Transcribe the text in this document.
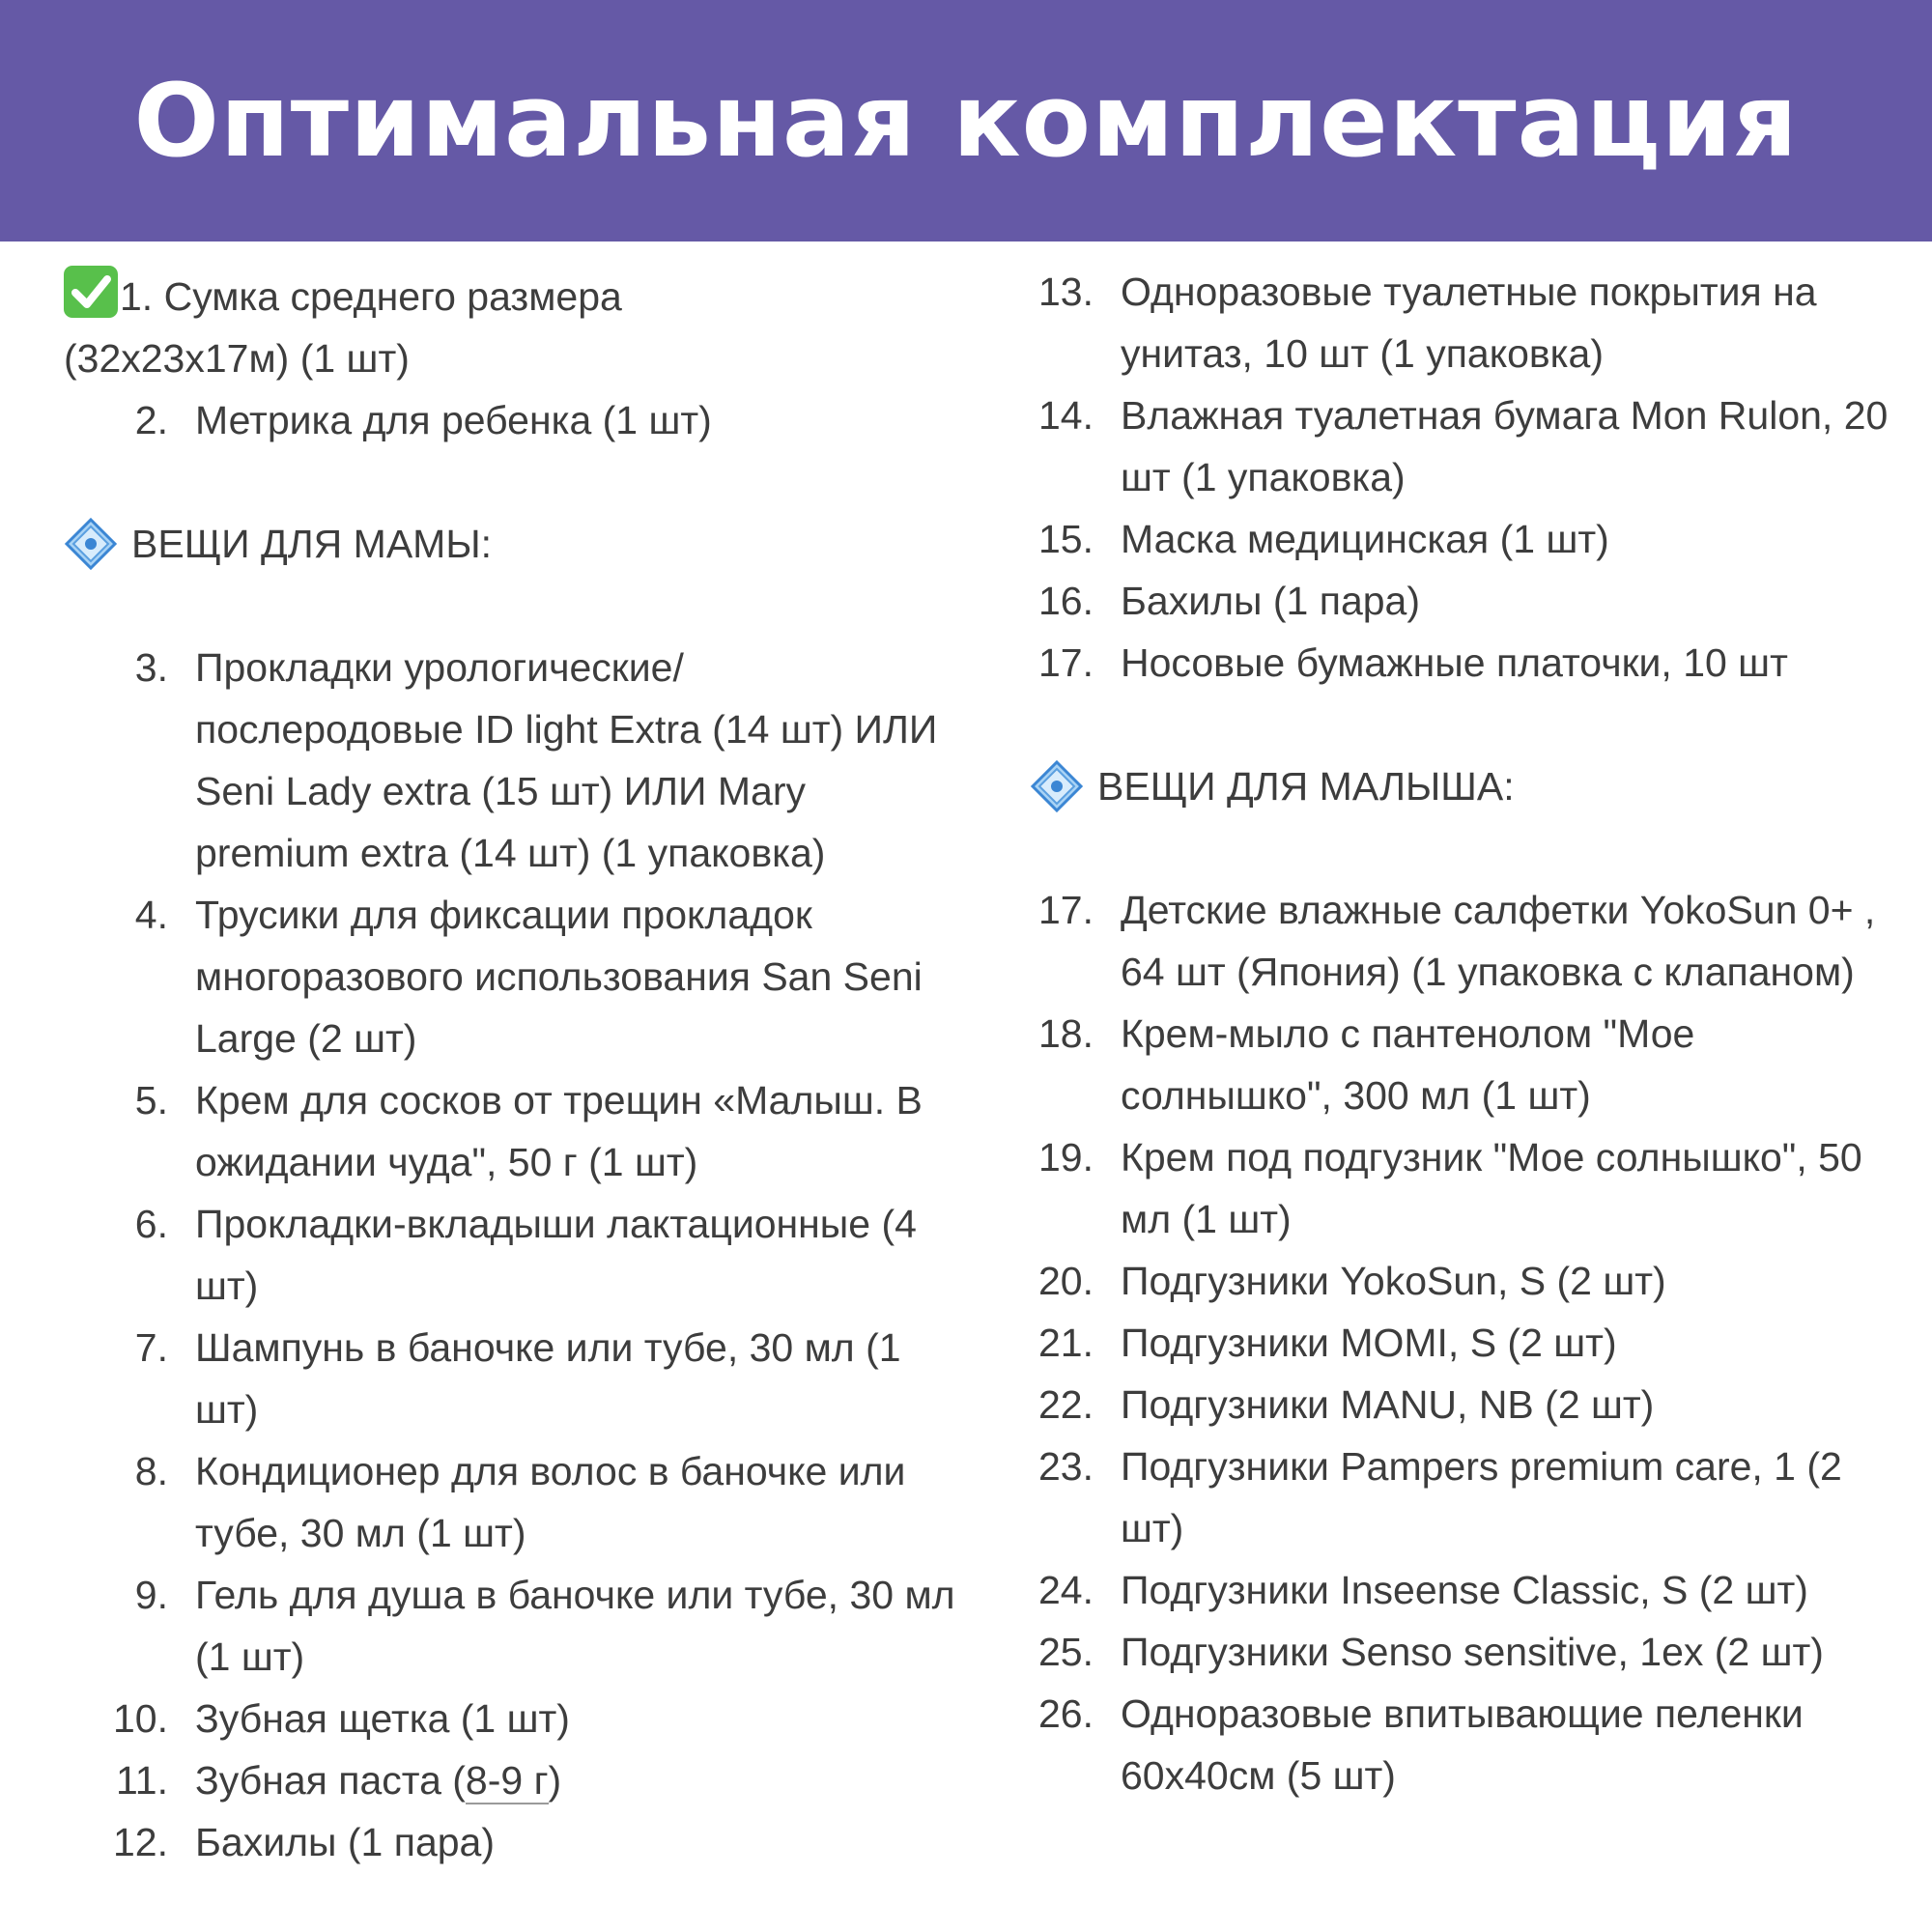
Оптимальная комплектация
1. Сумка среднего размера
(32x23x17м) (1 шт)
2. Метрика для ребенка (1 шт)
ВЕЩИ ДЛЯ МАМЫ:
3. Прокладки урологические/ послеродовые ID light Extra (14 шт) ИЛИ Seni Lady extra (15 шт) ИЛИ Mary premium extra (14 шт) (1 упаковка)
4. Трусики для фиксации прокладок многоразового использования San Seni Large (2 шт)
5. Крем для сосков от трещин «Малыш. В ожидании чуда", 50 г (1 шт)
6. Прокладки-вкладыши лактационные (4 шт)
7. Шампунь в баночке или тубе, 30 мл (1 шт)
8. Кондиционер для волос в баночке или тубе, 30 мл (1 шт)
9. Гель для душа в баночке или тубе, 30 мл (1 шт)
10. Зубная щетка (1 шт)
11. Зубная паста (8-9 г)
12. Бахилы (1 пара)
13. Одноразовые туалетные покрытия на унитаз, 10 шт (1 упаковка)
14. Влажная туалетная бумага Mon Rulon, 20 шт (1 упаковка)
15. Маска медицинская (1 шт)
16. Бахилы (1 пара)
17. Носовые бумажные платочки, 10 шт
ВЕЩИ ДЛЯ МАЛЫША:
17. Детские влажные салфетки YokoSun 0+ , 64 шт (Япония) (1 упаковка с клапаном)
18. Крем-мыло с пантенолом "Мое солнышко", 300 мл (1 шт)
19. Крем под подгузник "Мое солнышко", 50 мл (1 шт)
20. Подгузники YokoSun, S (2 шт)
21. Подгузники MOMI, S (2 шт)
22. Подгузники MANU, NB (2 шт)
23. Подгузники Pampers premium care, 1 (2 шт)
24. Подгузники Inseense Classic, S (2 шт)
25. Подгузники Senso sensitive, 1ex (2 шт)
26. Одноразовые впитывающие пеленки 60x40см (5 шт)
